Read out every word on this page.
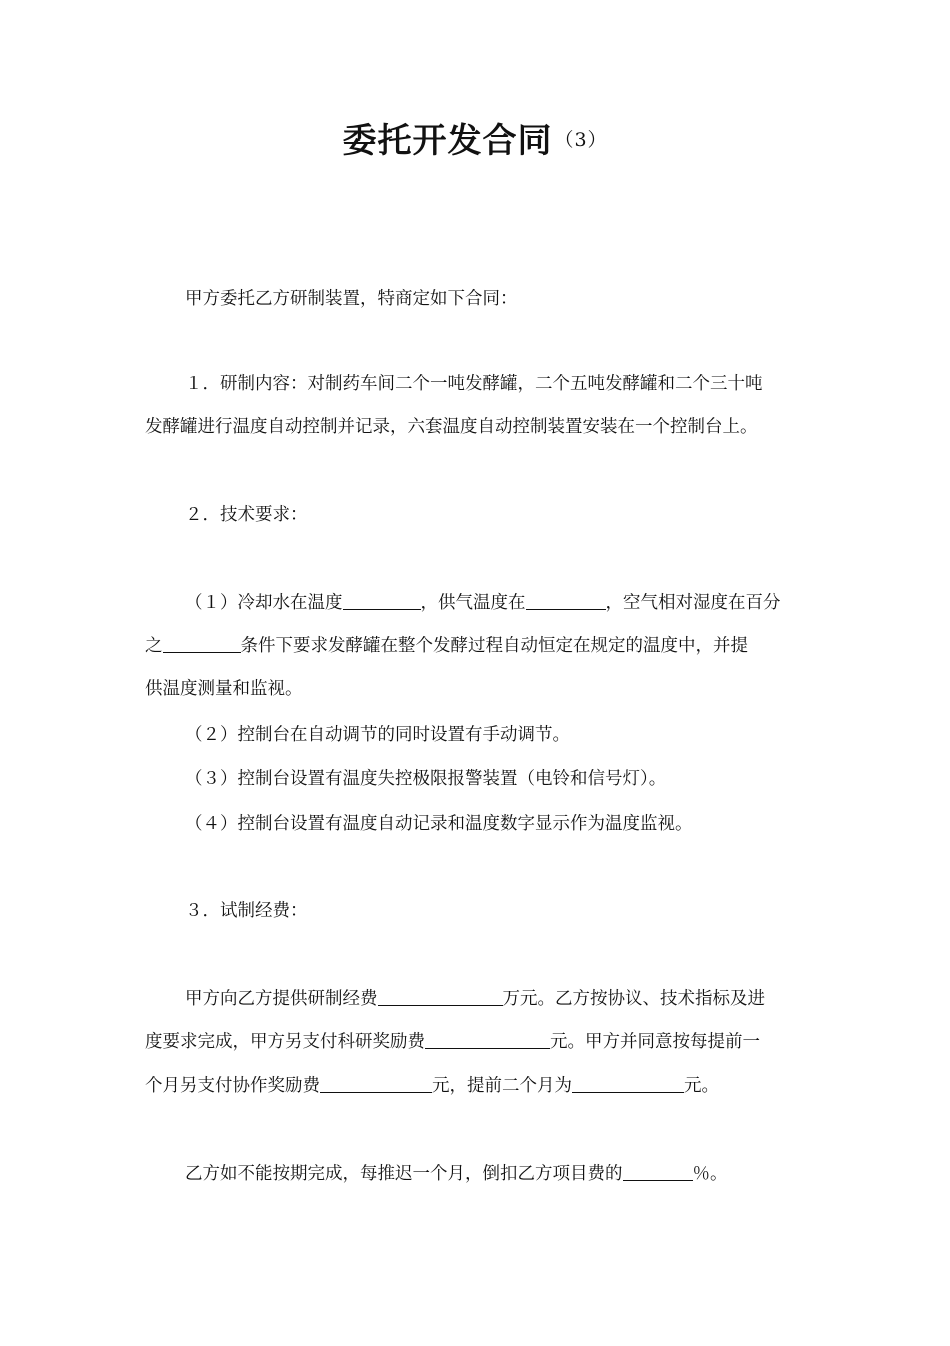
委托开发合同 $^{(3)}$
甲方委托乙方研制装置，特商定如下合同：
１．研制内容：对制药车间二个一吨发酵罐，二个五吨发酵罐和二个三十吨
发酵罐进行温度自动控制并记录，六套温度自动控制装置安装在一个控制台上。
２．技术要求：
（１）冷却水在温度	，供气温度在	，空气相对湿度在百分
之	条件下要求发酵罐在整个发酵过程自动恒定在规定的温度中，并提
供温度测量和监视。
（２）控制台在自动调节的同时设置有手动调节。
（３）控制台设置有温度失控极限报警装置（电铃和信号灯）。
（４）控制台设置有温度自动记录和温度数字显示作为温度监视。
３．试制经费：
甲方向乙方提供研制经费	万元。乙方按协议、技术指标及进
度要求完成，甲方另支付科研奖励费	元。甲方并同意按每提前一
个月另支付协作奖励费	元，提前二个月为	元。
乙方如不能按期完成，每推迟一个月，倒扣乙方项目费的	％。
